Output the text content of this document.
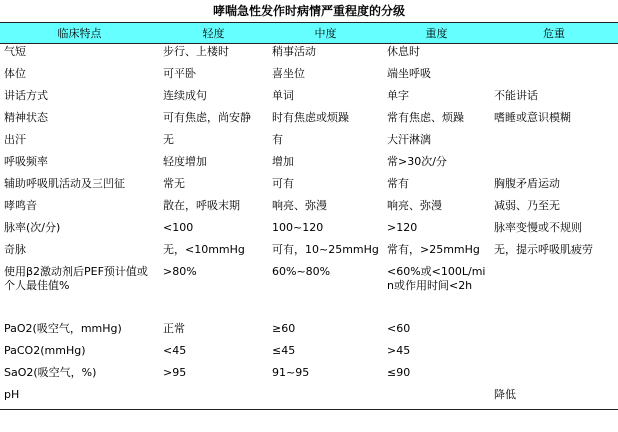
哮喘急性发作时病情严重程度的分级
临床特点	轻度	中度	重度	危重
气短	步行、上楼时	稍事活动	休息时	
体位	可平卧	喜坐位	端坐呼吸	
讲话方式	连续成句	单词	单字	不能讲话
精神状态	可有焦虑，尚安静	时有焦虑或烦躁	常有焦虑、烦躁	嗜睡或意识模糊
出汗	无	有	大汗淋漓	
呼吸频率	轻度增加	增加	常>30次/分	
辅助呼吸肌活动及三凹征	常无	可有	常有	胸腹矛盾运动
哮鸣音	散在，呼吸末期	响亮、弥漫	响亮、弥漫	减弱、乃至无
脉率(次/分)	<100	100~120	>120	脉率变慢或不规则
奇脉	无，<10mmHg	可有，10~25mmHg	常有，>25mmHg	无，提示呼吸肌疲劳
使用β2激动剂后PEF预计值或个人最佳值%	>80%	60%~80%	<60%或<100L/min或作用时间<2h	
PaO2(吸空气，mmHg)	正常	≥60	<60	
PaCO2(mmHg)	<45	≤45	>45	
SaO2(吸空气，%)	>95	91~95	≤90	
pH				降低
